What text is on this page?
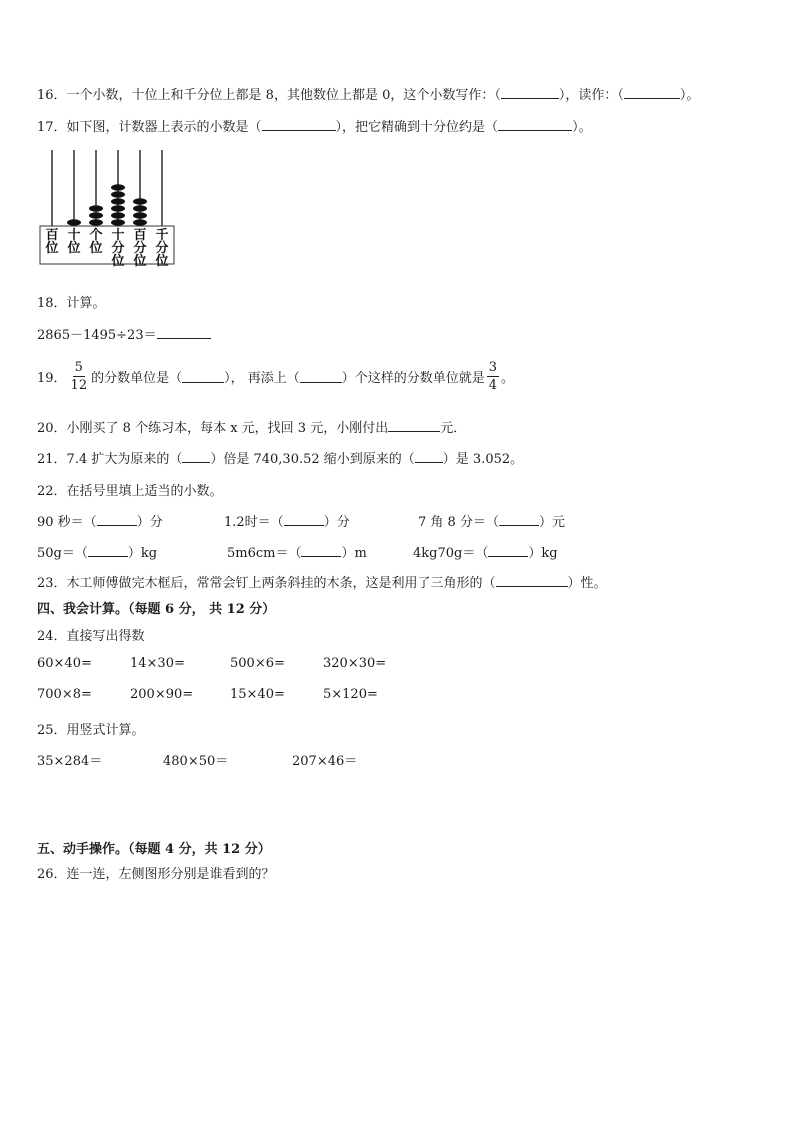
16．一个小数，十位上和千分位上都是 8，其他数位上都是 0，这个小数写作：（	），读作：（	）。
17．如下图，计数器上表示的小数是（	），把它精确到十分位约是（	）。
百
位
十
位
个
位
十
分
位
百
分
位
千
分
位
18．计算。
2865－1495÷23＝
19． $\frac{5}{12}$ 的分数单位是（	）， 再添上（	）个这样的分数单位就是 $\frac{3}{4}$ 。
20．小刚买了 8 个练习本，每本 x 元，找回 3 元，小刚付出	元．
21．7.4 扩大为原来的（ ）倍是 740,30.52 缩小到原来的（ ）是 3.052。
22．在括号里填上适当的小数。
90 秒＝（	）分	1.2时＝（	）分	7 角 8 分＝（	）元
50g＝（	）kg	5m6cm＝（	）m	4kg70g＝（	）kg
23．木工师傅做完木框后，常常会钉上两条斜挂的木条，这是利用了三角形的（	）性。
四、我会计算。（每题 6 分， 共 12 分）
24．直接写出得数
60×40=	14×30=	500×6=	320×30=
700×8=	200×90=	15×40=	5×120=
25．用竖式计算。
35×284＝	480×50＝	207×46＝
五、动手操作。（每题 4 分，共 12 分）
26．连一连，左侧图形分别是谁看到的？
